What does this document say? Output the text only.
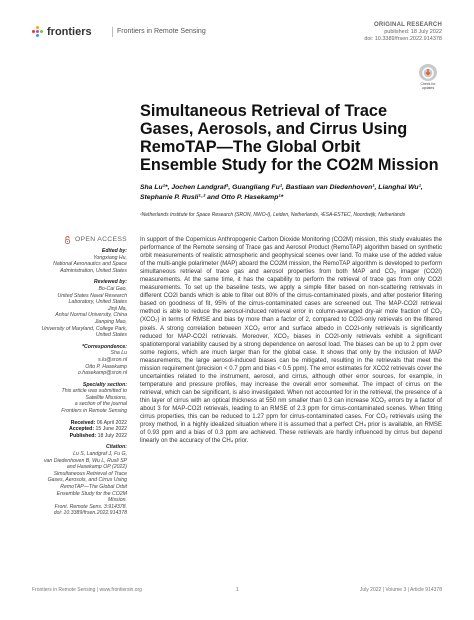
frontiers	Frontiers in Remote Sensing
ORIGINAL RESEARCH
published: 18 July 2022
doi: 10.3389/frsen.2022.914378
Check for
updates
Simultaneous Retrieval of Trace Gases, Aerosols, and Cirrus Using RemoTAP—The Global Orbit Ensemble Study for the CO2M Mission
Sha Lu¹*, Jochen Landgraf¹, Guangliang Fu¹, Bastiaan van Diedenhoven¹, Lianghai Wu¹,
Stephanie P. Rusli¹·² and Otto P. Hasekamp¹*
¹Netherlands Institute for Space Research (SRON, NWO-I), Leiden, Netherlands, ²ESA-ESTEC, Noordwijk, Netherlands
OPEN ACCESS
Edited by:
Yongxiang Hu,
National Aeronautics and Space
Administration, United States
Reviewed by:
Bo-Cai Gao,
United States Naval Research
Laboratory, United States
Jinji Ma,
Anhui Normal University, China
Jianping Mao,
University of Maryland, College Park,
United States
*Correspondence:
Sha Lu
s.lu@sron.nl
Otto P. Hasekamp
o.hasekamp@sron.nl
Specialty section:
This article was submitted to
Satellite Missions,
a section of the journal
Frontiers in Remote Sensing
Received: 06 April 2022
Accepted: 15 June 2022
Published: 18 July 2022
Citation:
Lu S, Landgraf J, Fu G,
van Diedenhoven B, Wu L, Rusli SP
and Hasekamp OP (2022)
Simultaneous Retrieval of Trace
Gases, Aerosols, and Cirrus Using
RemoTAP—The Global Orbit
Ensemble Study for the CO2M
Mission.
Front. Remote Sens. 3:914378.
doi: 10.3389/frsen.2022.914378
In support of the Copernicus Anthropogenic Carbon Dioxide Monitoring (CO2M) mission, this study evaluates the performance of the Remote sensing of Trace gas and Aerosol Product (RemoTAP) algorithm based on synthetic orbit measurements of realistic atmospheric and geophysical scenes over land. To make use of the added value of the multi-angle polarimeter (MAP) aboard the CO2M mission, the RemoTAP algorithm is developed to perform simultaneous retrieval of trace gas and aerosol properties from both MAP and CO₂ imager (CO2I) measurements. At the same time, it has the capability to perform the retrieval of trace gas from only CO2I measurements. To set up the baseline tests, we apply a simple filter based on non-scattering retrievals in different CO2I bands which is able to filter out 80% of the cirrus-contaminated pixels, and after posterior filtering based on goodness of fit, 95% of the cirrus-contaminated cases are screened out. The MAP-CO2I retrieval method is able to reduce the aerosol-induced retrieval error in column-averaged dry-air mole fraction of CO₂ (XCO₂) in terms of RMSE and bias by more than a factor of 2, compared to CO2I-only retrievals on the filtered pixels. A strong correlation between XCO₂ error and surface albedo in CO2I-only retrievals is significantly reduced for MAP-CO2I retrievals. Moreover, XCO₂ biases in CO2I-only retrievals exhibit a significant spatiotemporal variability caused by a strong dependence on aerosol load. The biases can be up to 2 ppm over some regions, which are much larger than for the global case. It shows that only by the inclusion of MAP measurements, the large aerosol-induced biases can be mitigated, resulting in the retrievals that meet the mission requirement (precision < 0.7 ppm and bias < 0.5 ppm). The error estimates for XCO2 retrievals cover the uncertainties related to the instrument, aerosol, and cirrus, although other error sources, for example, in temperature and pressure profiles, may increase the overall error somewhat. The impact of cirrus on the retrieval, which can be significant, is also investigated. When not accounted for in the retrieval, the presence of a thin layer of cirrus with an optical thickness at 550 nm smaller than 0.3 can increase XCO₂ errors by a factor of about 3 for MAP-CO2I retrievals, leading to an RMSE of 2.3 ppm for cirrus-contaminated scenes. When fitting cirrus properties, this can be reduced to 1.27 ppm for cirrus-contaminated cases. For CO₂ retrievals using the proxy method, in a highly idealized situation where it is assumed that a perfect CH₄ prior is available, an RMSE of 0.93 ppm and a bias of 0.3 ppm are achieved. These retrievals are hardly influenced by cirrus but depend linearly on the accuracy of the CH₄ prior.
Frontiers in Remote Sensing | www.frontiersin.org	1	July 2022 | Volume 3 | Article 914378
